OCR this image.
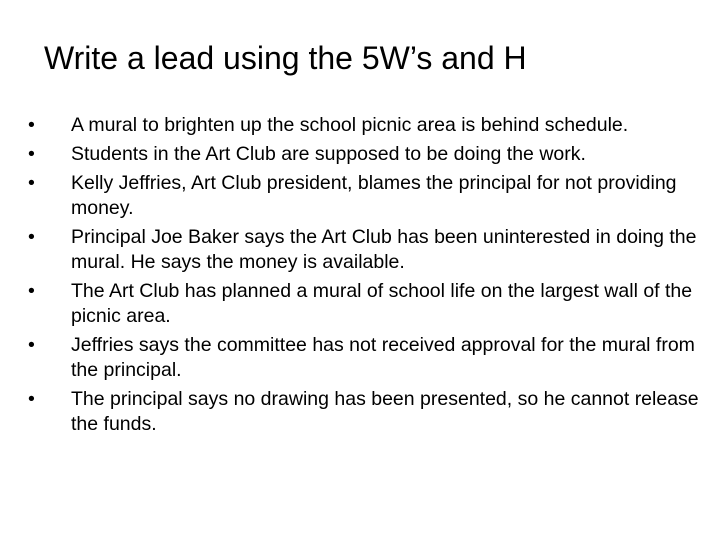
Write a lead using the 5W’s and H
• A mural to brighten up the school picnic area is behind schedule.
• Students in the Art Club are supposed to be doing the work.
• Kelly Jeffries, Art Club president, blames the principal for not providing money.
• Principal Joe Baker says the Art Club has been uninterested in doing the mural. He says the money is available.
• The Art Club has planned a mural of school life on the largest wall of the picnic area.
• Jeffries says the committee has not received approval for the mural from the principal.
• The principal says no drawing has been presented, so he cannot release the funds.
